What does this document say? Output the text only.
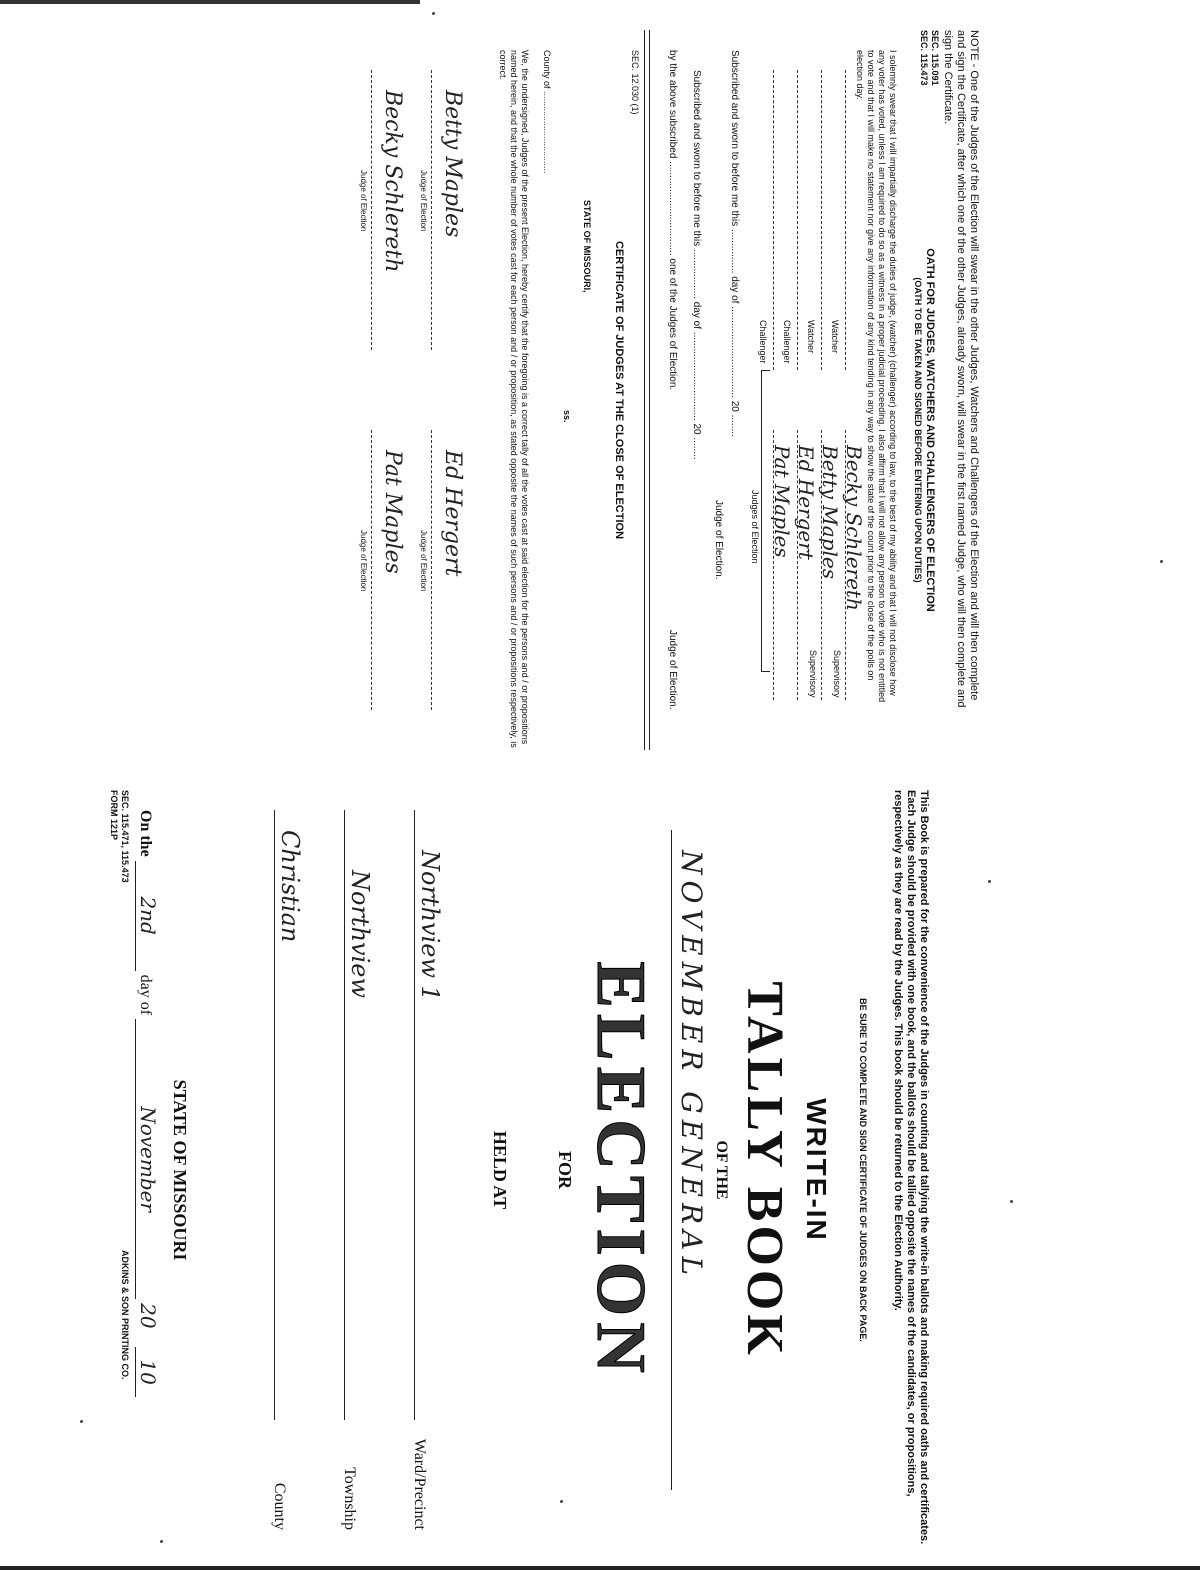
NOTE - One of the Judges of the Election will swear in the other Judges, Watchers and Challengers of the Election and will then complete and sign the Certificate, after which one of the other Judges, already sworn, will swear in the first named Judge, who will then complete and sign the Certificate.
SEC. 115.091
SEC. 115.473
OATH FOR JUDGES, WATCHERS AND CHALLENGERS OF ELECTION
(OATH TO BE TAKEN AND SIGNED BEFORE ENTERING UPON DUTIES)
I solemnly swear that I will impartially discharge the duties of judge, (watcher) (challenger) according to law, to the best of my ability and that I will not disclose how any voter has voted, unless I am required to do so as a witness in a proper judicial proceeding. I also affirm that I will not allow any person to vote who is not entitled to vote and that I will make no statement nor give any information of any kind tending in any way to show the state of the count prior to the close of the polls on election day.
Watcher
Becky Schlereth
Supervisory
Watcher
Betty Maples
Supervisory
Challenger
Ed Hergert
Challenger
Pat Maples
Judges of Election
Subscribed and sworn to before me this ................ day of ................................. 20 ........
Judge of Election.
Subscribed and sworn to before me this .................. day of ................................ 20 ........
by the above subscribed .................................. one of the Judges of Election.
Judge of Election.
SEC. 12.030 (1)
CERTIFICATE OF JUDGES AT THE CLOSE OF ELECTION
STATE OF MISSOURI,
ss.
County of .................................
We, the undersigned, Judges of the present Election, hereby certify that the foregoing is a correct tally of all the votes cast at said election for the persons and / or propositions named herein, and that the whole number of votes cast for each person and / or proposition, as stated opposite the names of such persons and / or propositions respectively, is correct.
Betty Maples
Judge of Election
Becky Schlereth
Judge of Election
Ed Hergert
Judge of Election
Pat Maples
Judge of Election
This Book is prepared for the convenience of the Judges in counting and tallying the write-in ballots and making required oaths and certificates. Each Judge should be provided with one book, and the ballots should be tallied opposite the names of the candidates, or propositions, respectively as they are read by the Judges. This book should be returned to the Election Authority.
BE SURE TO COMPLETE AND SIGN CERTIFICATE OF JUDGES ON BACK PAGE.
WRITE-IN
TALLY BOOK
OF THE
NOVEMBER GENERAL
ELECTION
FOR
HELD AT
Northview 1
Ward/Precinct
Northview
Township
Christian
County
STATE OF MISSOURI
On the 2nd day of November 20 10
SEC. 115.471, 115.473
FORM 121P
ADKINS & SON PRINTING CO.
